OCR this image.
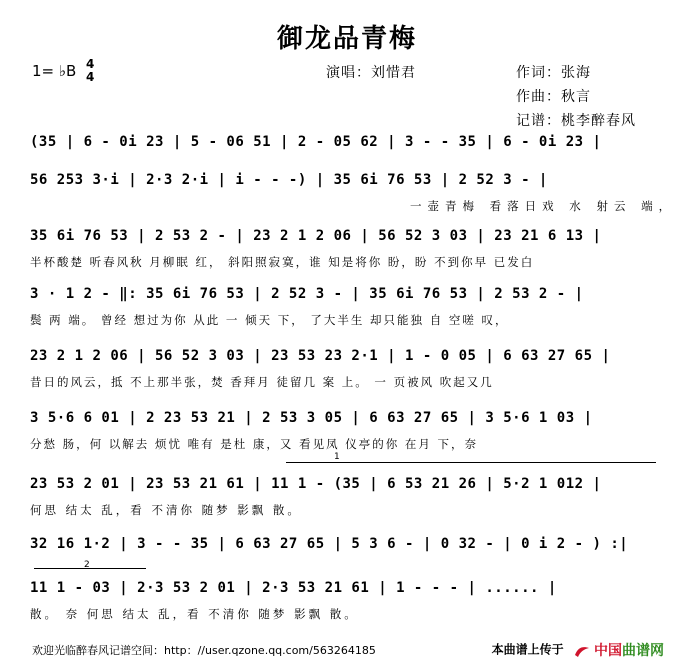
御龙品青梅
1= ♭B 4
4	演唱：刘惜君	作词：张海
作曲：秋言
记谱：桃李醉春风
(35 | 6 - 0i 23 | 5 - 06 51 | 2 - 05 62 | 3 - - 35 | 6 - 0i 23 |
56 253 3·i | 2·3 2·i | i - - -) | 35 6i 76 53 | 2 52 3 - |
一壶青梅 看落日戏 水 射云 端，
35 6i 76 53 | 2 53 2 - | 23 2 1 2 06 | 56 52 3 03 | 23 21 6 13 |
半杯酸楚 听春风秋 月柳眠 红， 斜阳照寂寞，谁 知是将你 盼，盼 不到你早 已发白
3 · 1 2 - ‖: 35 6i 76 53 | 2 52 3 - | 35 6i 76 53 | 2 53 2 - |
鬓 两 端。 曾经 想过为你 从此 一 倾天 下， 了大半生 却只能独 自 空嗟 叹，
23 2 1 2 06 | 56 52 3 03 | 23 53 23 2·1 | 1 - 0 05 | 6 63 27 65 |
昔日的风云，抵 不上那半张，焚 香拜月 徒留几 案 上。 一 页被风 吹起又几
3 5·6 6 01 | 2 23 53 21 | 2 53 3 05 | 6 63 27 65 | 3 5·6 1 03 |
分愁 肠，何 以解去 烦忧 唯有 是杜 康，又 看见凤 仪亭的你 在月 下，奈
1
23 53 2 01 | 23 53 21 61 | 11 1 - (35 | 6 53 21 26 | 5·2 1 012 |
何思 结太 乱，看 不清你 随梦 影飘 散。
32 16 1·2 | 3 - - 35 | 6 63 27 65 | 5 3 6 - | 0 32 - | 0 i 2 - ) :|
2
11 1 - 03 | 2·3 53 2 01 | 2·3 53 21 61 | 1 - - - | ...... |
散。 奈 何思 结太 乱，看 不清你 随梦 影飘 散。
欢迎光临醉春风记谱空间：http：//user.qzone.qq.com/563264185	本曲谱上传于 中国曲谱网
